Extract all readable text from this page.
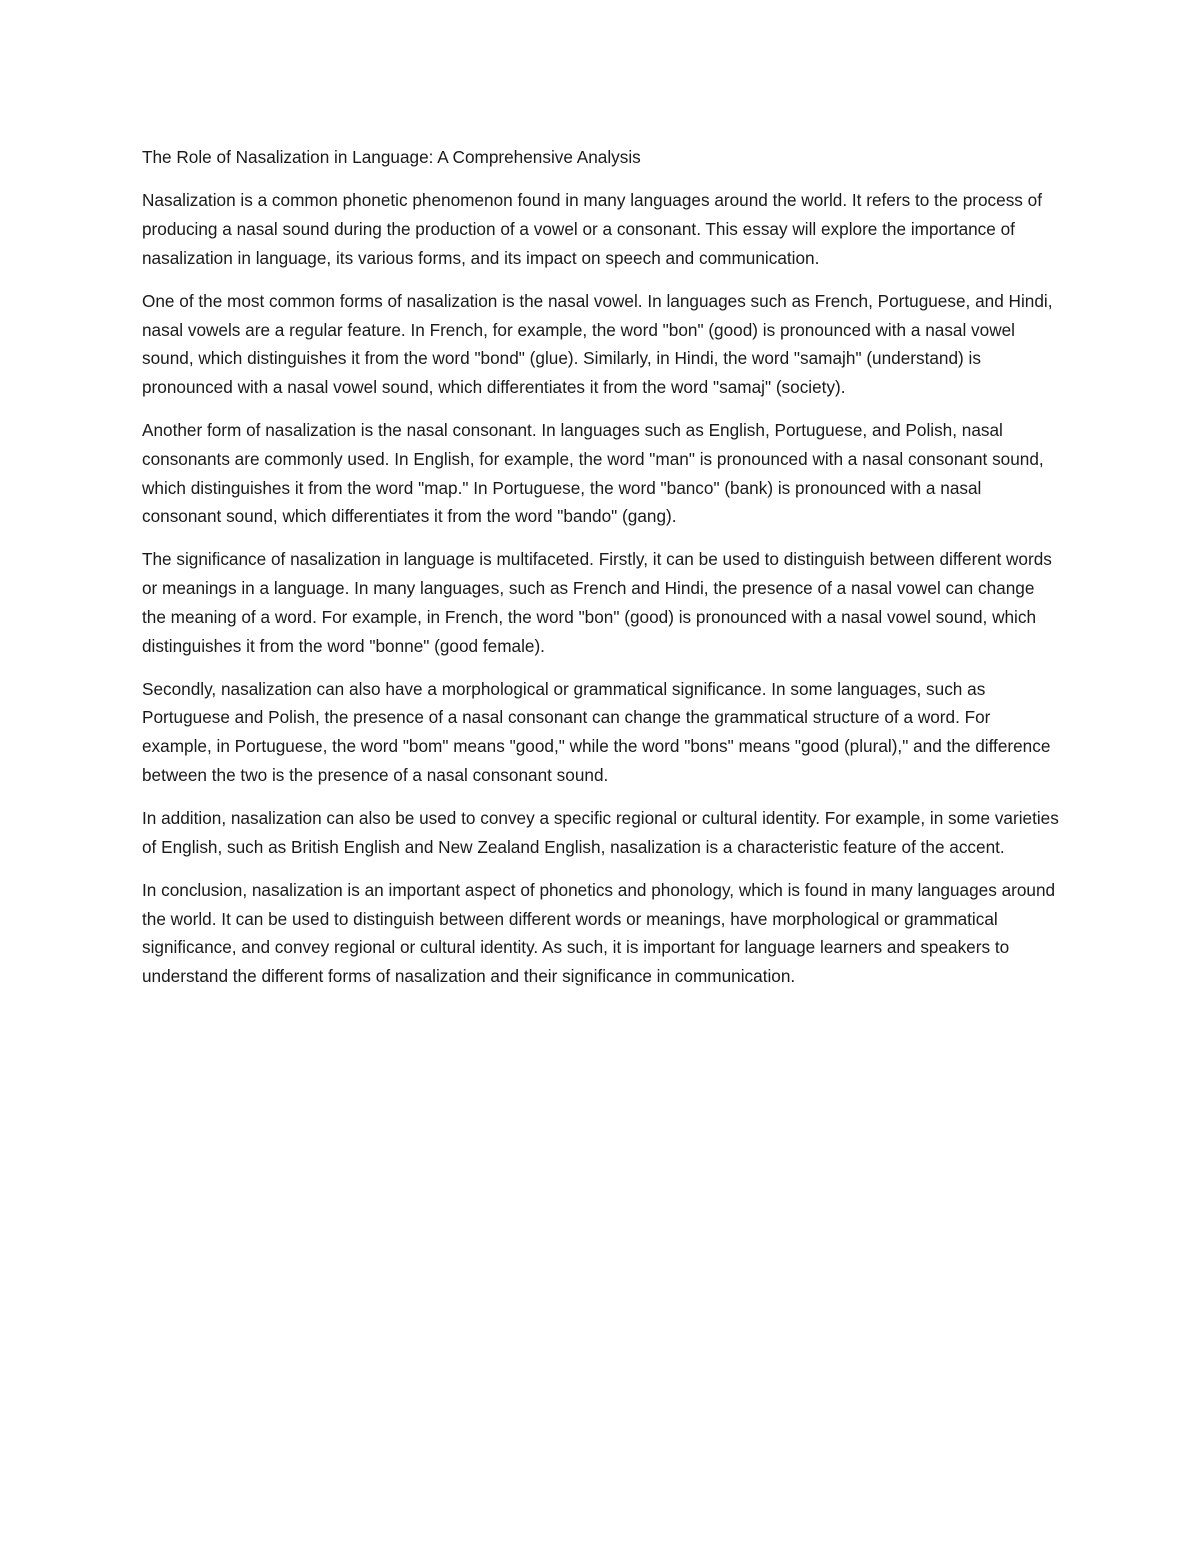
The Role of Nasalization in Language: A Comprehensive Analysis

Nasalization is a common phonetic phenomenon found in many languages around the world. It refers to the process of producing a nasal sound during the production of a vowel or a consonant. This essay will explore the importance of nasalization in language, its various forms, and its impact on speech and communication.

One of the most common forms of nasalization is the nasal vowel. In languages such as French, Portuguese, and Hindi, nasal vowels are a regular feature. In French, for example, the word "bon" (good) is pronounced with a nasal vowel sound, which distinguishes it from the word "bond" (glue). Similarly, in Hindi, the word "samajh" (understand) is pronounced with a nasal vowel sound, which differentiates it from the word "samaj" (society).

Another form of nasalization is the nasal consonant. In languages such as English, Portuguese, and Polish, nasal consonants are commonly used. In English, for example, the word "man" is pronounced with a nasal consonant sound, which distinguishes it from the word "map." In Portuguese, the word "banco" (bank) is pronounced with a nasal consonant sound, which differentiates it from the word "bando" (gang).

The significance of nasalization in language is multifaceted. Firstly, it can be used to distinguish between different words or meanings in a language. In many languages, such as French and Hindi, the presence of a nasal vowel can change the meaning of a word. For example, in French, the word "bon" (good) is pronounced with a nasal vowel sound, which distinguishes it from the word "bonne" (good female).

Secondly, nasalization can also have a morphological or grammatical significance. In some languages, such as Portuguese and Polish, the presence of a nasal consonant can change the grammatical structure of a word. For example, in Portuguese, the word "bom" means "good," while the word "bons" means "good (plural)," and the difference between the two is the presence of a nasal consonant sound.

In addition, nasalization can also be used to convey a specific regional or cultural identity. For example, in some varieties of English, such as British English and New Zealand English, nasalization is a characteristic feature of the accent.

In conclusion, nasalization is an important aspect of phonetics and phonology, which is found in many languages around the world. It can be used to distinguish between different words or meanings, have morphological or grammatical significance, and convey regional or cultural identity. As such, it is important for language learners and speakers to understand the different forms of nasalization and their significance in communication.
